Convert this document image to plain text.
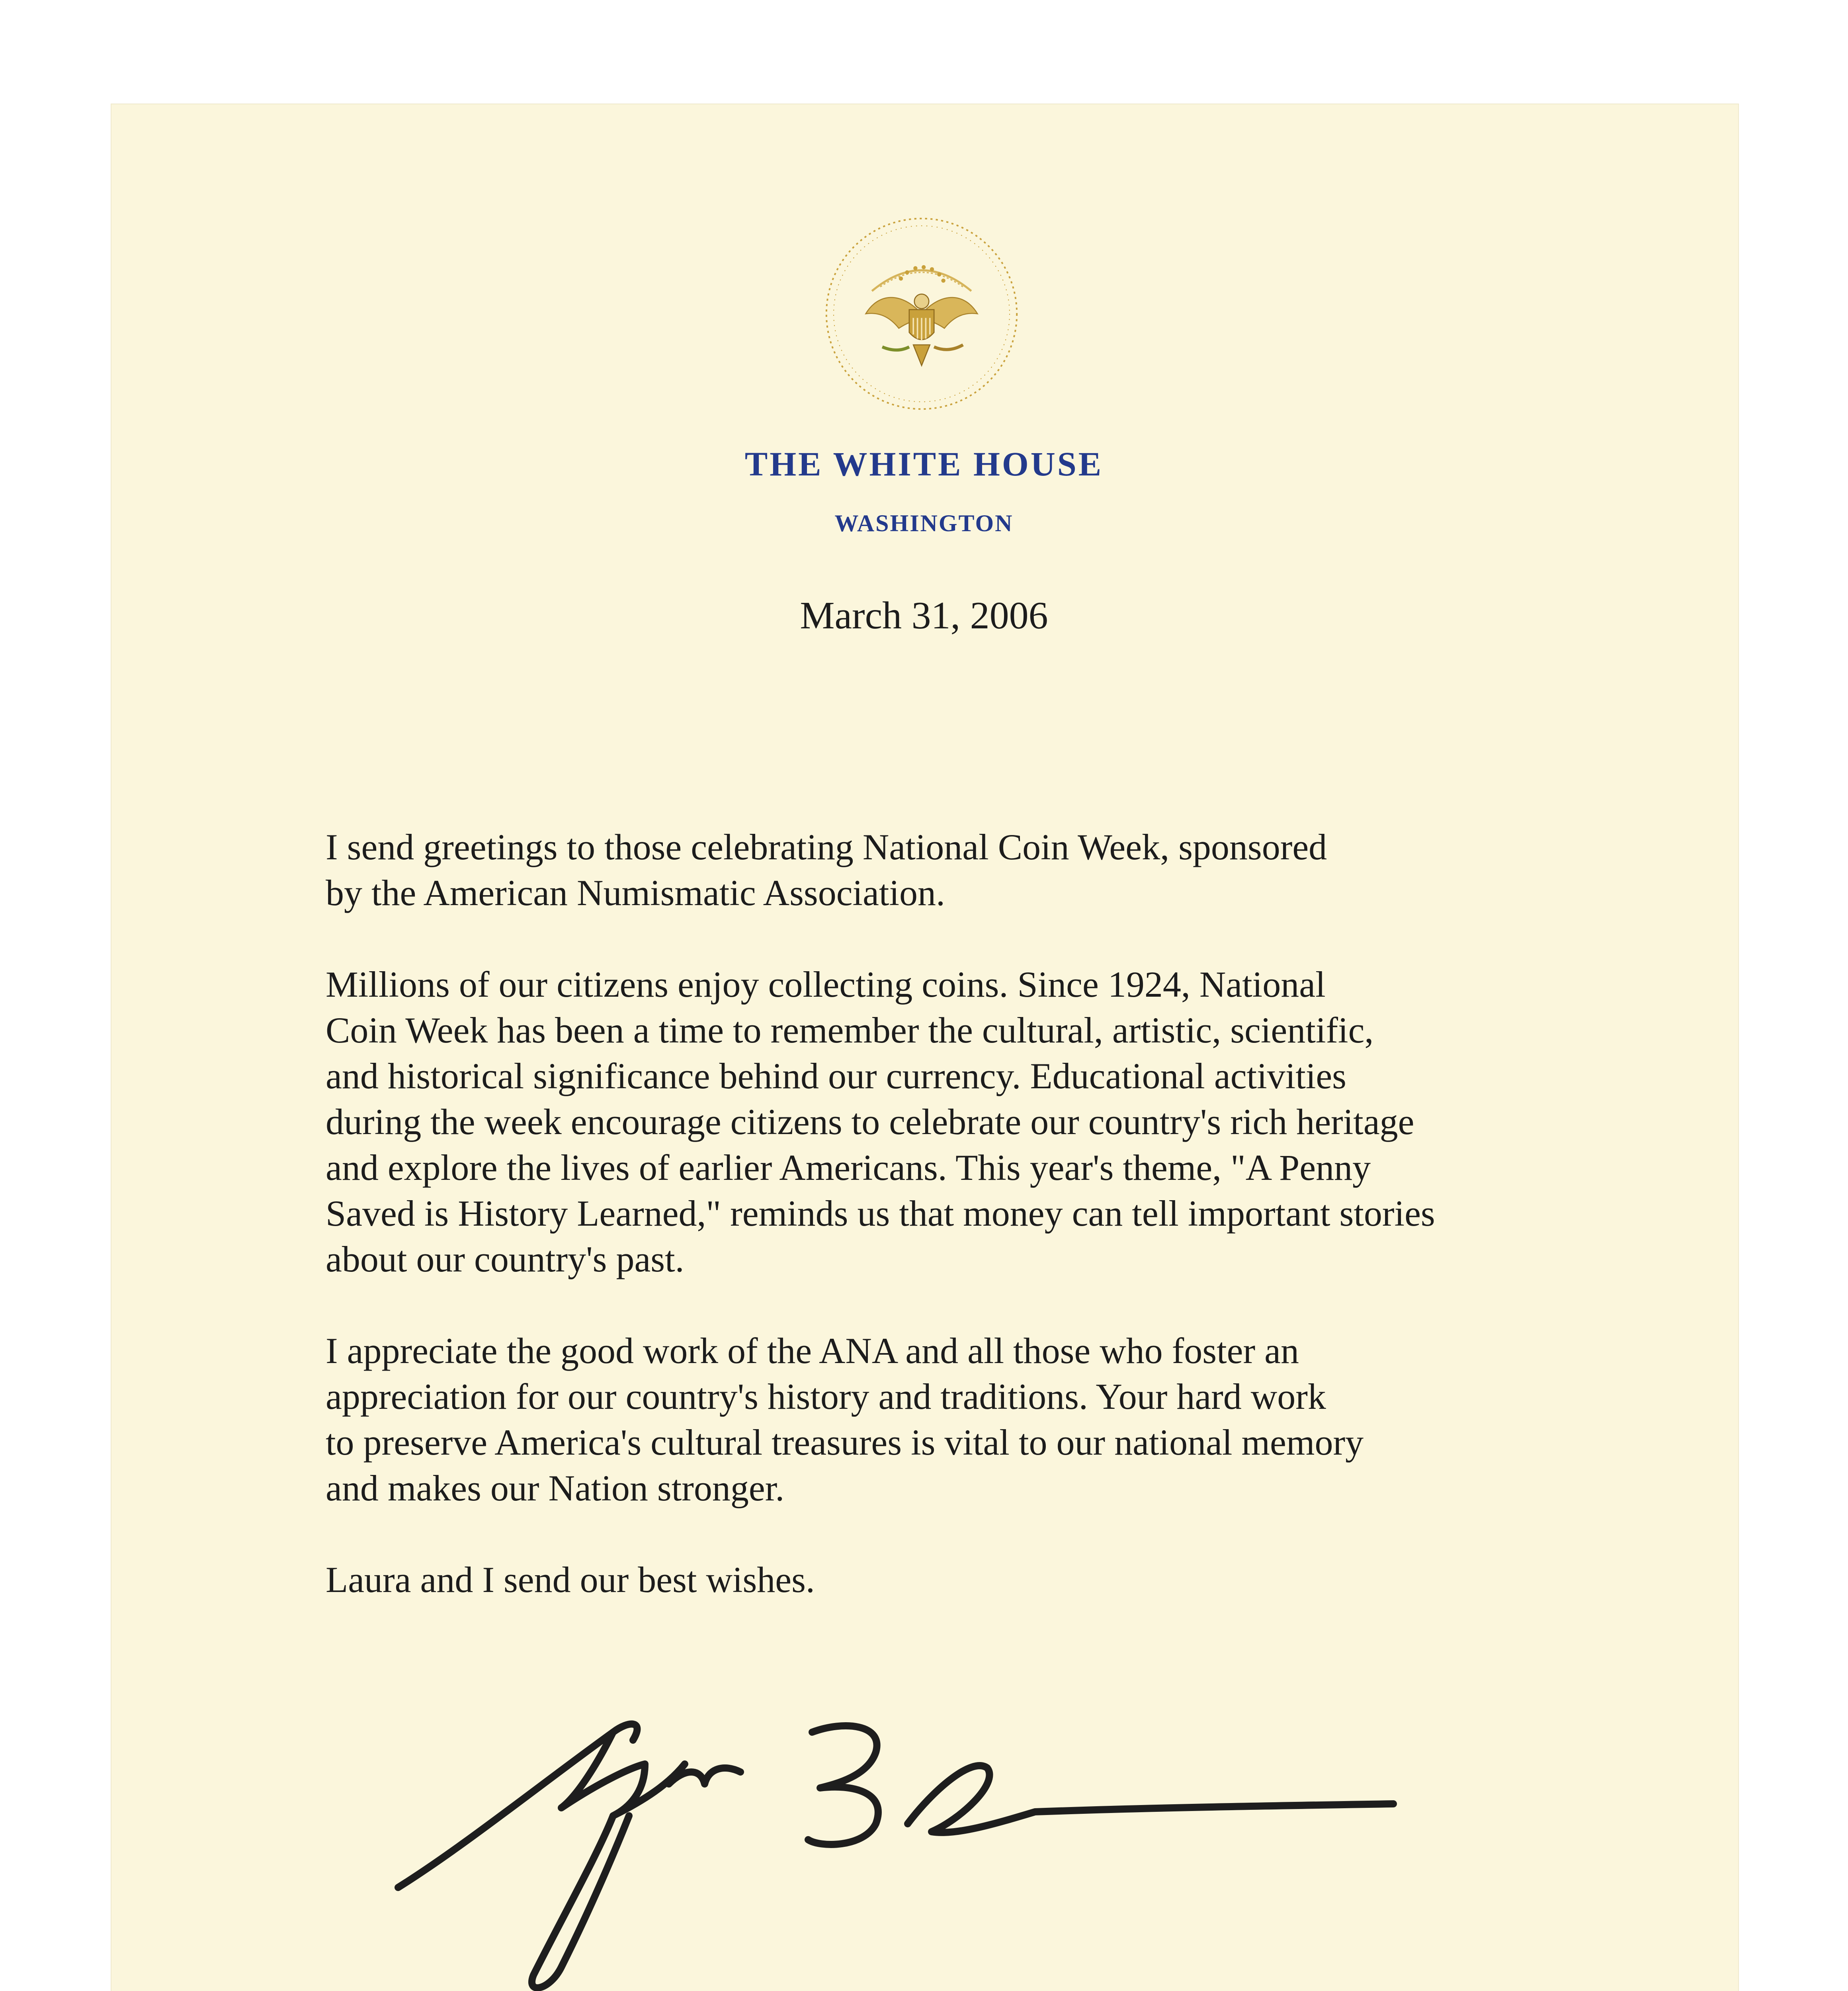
THE WHITE HOUSE
WASHINGTON
March 31, 2006

I send greetings to those celebrating National Coin Week, sponsored
by the American Numismatic Association.

Millions of our citizens enjoy collecting coins. Since 1924, National
Coin Week has been a time to remember the cultural, artistic, scientific,
and historical significance behind our currency. Educational activities
during the week encourage citizens to celebrate our country's rich heritage
and explore the lives of earlier Americans. This year's theme, "A Penny
Saved is History Learned," reminds us that money can tell important stories
about our country's past.

I appreciate the good work of the ANA and all those who foster an
appreciation for our country's history and traditions. Your hard work
to preserve America's cultural treasures is vital to our national memory
and makes our Nation stronger.

Laura and I send our best wishes.
